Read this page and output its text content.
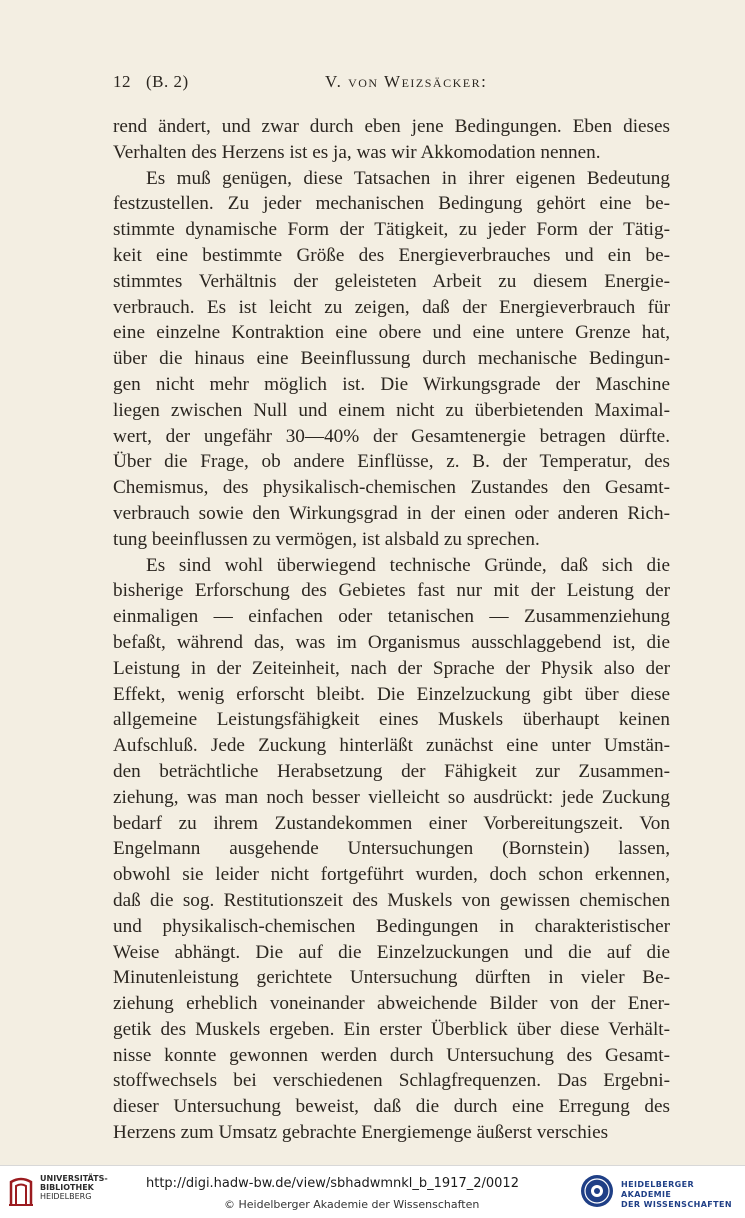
12 (B. 2)	V. von Weizsäcker:
rend ändert, und zwar durch eben jene Bedingungen. Eben dieses
Verhalten des Herzens ist es ja, was wir Akkomodation nennen.
Es muß genügen, diese Tatsachen in ihrer eigenen Bedeutung
festzustellen. Zu jeder mechanischen Bedingung gehört eine be-
stimmte dynamische Form der Tätigkeit, zu jeder Form der Tätig-
keit eine bestimmte Größe des Energieverbrauches und ein be-
stimmtes Verhältnis der geleisteten Arbeit zu diesem Energie-
verbrauch. Es ist leicht zu zeigen, daß der Energieverbrauch für
eine einzelne Kontraktion eine obere und eine untere Grenze hat,
über die hinaus eine Beeinflussung durch mechanische Bedingun-
gen nicht mehr möglich ist. Die Wirkungsgrade der Maschine
liegen zwischen Null und einem nicht zu überbietenden Maximal-
wert, der ungefähr 30—40% der Gesamtenergie betragen dürfte.
Über die Frage, ob andere Einflüsse, z. B. der Temperatur, des
Chemismus, des physikalisch-chemischen Zustandes den Gesamt-
verbrauch sowie den Wirkungsgrad in der einen oder anderen Rich-
tung beeinflussen zu vermögen, ist alsbald zu sprechen.
Es sind wohl überwiegend technische Gründe, daß sich die
bisherige Erforschung des Gebietes fast nur mit der Leistung der
einmaligen — einfachen oder tetanischen — Zusammenziehung
befaßt, während das, was im Organismus ausschlaggebend ist, die
Leistung in der Zeiteinheit, nach der Sprache der Physik also der
Effekt, wenig erforscht bleibt. Die Einzelzuckung gibt über diese
allgemeine Leistungsfähigkeit eines Muskels überhaupt keinen
Aufschluß. Jede Zuckung hinterläßt zunächst eine unter Umstän-
den beträchtliche Herabsetzung der Fähigkeit zur Zusammen-
ziehung, was man noch besser vielleicht so ausdrückt: jede Zuckung
bedarf zu ihrem Zustandekommen einer Vorbereitungszeit. Von
Engelmann ausgehende Untersuchungen (Bornstein) lassen,
obwohl sie leider nicht fortgeführt wurden, doch schon erkennen,
daß die sog. Restitutionszeit des Muskels von gewissen chemischen
und physikalisch-chemischen Bedingungen in charakteristischer
Weise abhängt. Die auf die Einzelzuckungen und die auf die
Minutenleistung gerichtete Untersuchung dürften in vieler Be-
ziehung erheblich voneinander abweichende Bilder von der Ener-
getik des Muskels ergeben. Ein erster Überblick über diese Verhält-
nisse konnte gewonnen werden durch Untersuchung des Gesamt-
stoffwechsels bei verschiedenen Schlagfrequenzen. Das Ergebni-
dieser Untersuchung beweist, daß die durch eine Erregung des
Herzens zum Umsatz gebrachte Energiemenge äußerst verschies
UNIVERSITÄTS-
BIBLIOTHEK
HEIDELBERG
http://digi.hadw-bw.de/view/sbhadwmnkl_b_1917_2/0012
© Heidelberger Akademie der Wissenschaften
HEIDELBERGER AKADEMIE
DER WISSENSCHAFTEN
